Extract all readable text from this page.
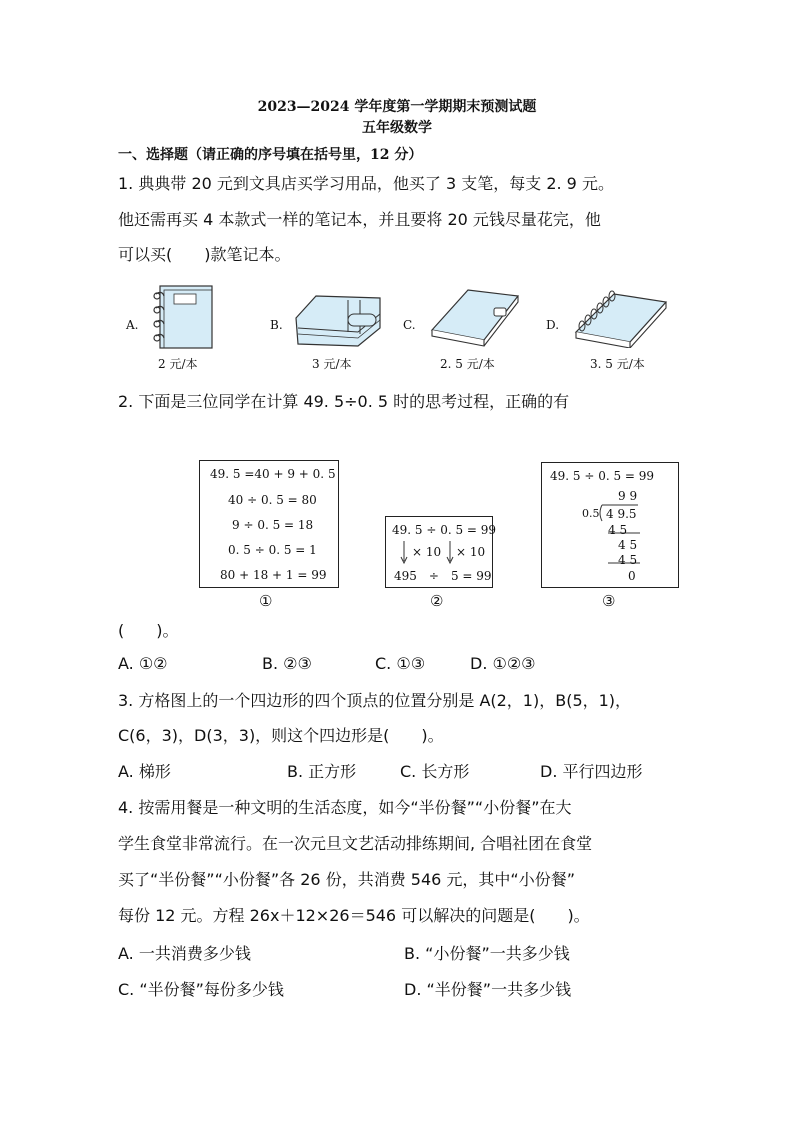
2023—2024 学年度第一学期期末预测试题
五年级数学
一、选择题（请正确的序号填在括号里，12 分）
1. 典典带 20 元到文具店买学习用品，他买了 3 支笔，每支 2. 9 元。
他还需再买 4 本款式一样的笔记本，并且要将 20 元钱尽量花完，他
可以买(　　)款笔记本。
A.
2 元/本
B.
3 元/本
C.
2. 5 元/本
D.
3. 5 元/本
2. 下面是三位同学在计算 49. 5÷0. 5 时的思考过程，正确的有
49. 5 =40 + 9 + 0. 5
40 ÷ 0. 5 = 80
9 ÷ 0. 5 = 18
0. 5 ÷ 0. 5 = 1
80 + 18 + 1 = 99
49. 5 ÷ 0. 5 = 99
× 10 × 10
495　÷　5 = 99
49. 5 ÷ 0. 5 = 99
9 9
0.5 4 9.5
4 5
4 5
4 5
0
①	②	③
(　　)。
A. ①②	B. ②③	C. ①③	D. ①②③
3. 方格图上的一个四边形的四个顶点的位置分别是 A(2，1)，B(5，1)，
C(6，3)，D(3，3)，则这个四边形是(　　)。
A. 梯形	B. 正方形	C. 长方形	D. 平行四边形
4. 按需用餐是一种文明的生活态度，如今“半份餐”“小份餐”在大
学生食堂非常流行。在一次元旦文艺活动排练期间, 合唱社团在食堂
买了“半份餐”“小份餐”各 26 份，共消费 546 元，其中“小份餐”
每份 12 元。方程 26x＋12×26＝546 可以解决的问题是(　　)。
A. 一共消费多少钱	B. “小份餐”一共多少钱
C. “半份餐”每份多少钱	D. “半份餐”一共多少钱
